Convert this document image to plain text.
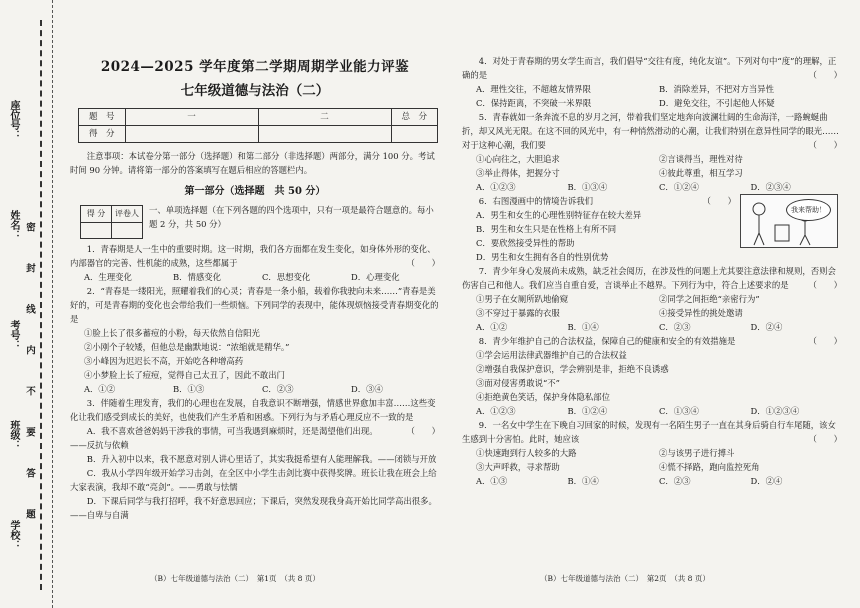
学校：
班级：
考号：
姓名：
座位号：
密　封　线　内　不　要　答　题
2024—2025 学年度第二学期周期学业能力评鉴
七年级道德与法治（二）
题　号	一	二	总　分
得　分			

注意事项：本试卷分第一部分（选择题）和第二部分（非选择题）两部分，满分 100 分。考试时间 90 分钟。请将第一部分的答案填写在题后相应的答题栏内。

第一部分（选择题　共 50 分）
得 分	评卷人
		一、单项选择题（在下列各题的四个选项中，只有一项是最符合题意的。每小题 2 分，共 50 分）

1．青春期是人一生中的重要时期。这一时期，我们各方面都在发生变化，如身体外形的变化、内部器官的完善、性机能的成熟，这些都属于	（　　）

A．生理变化	B．情感变化	C．思想变化	D．心理变化

2．“青春是一缕阳光，照耀着我们的心灵；青春是一条小船，载着你我驶向未来……”青春是美好的，可是青春期的变化也会带给我们一些烦恼。下列同学的表现中，能体现烦恼接受青春期变化的是

①脸上长了很多蓄痘的小粉，每天依然自信阳光

②小刚个子较矮，但他总是幽默地说：“浓缩就是精华。”

③小峰因为迟迟长不高，开始吃各种增高药

④小梦脸上长了痘痘，觉得自己太丑了，因此不敢出门

A．①②	B．①③	C．②③	D．③④

3．伴随着生理发育，我们的心理也在发展，自我意识不断增强，情感世界愈加丰富……这些变化让我们感受到成长的美好，也使我们产生矛盾和困惑。下列行为与矛盾心理反应不一致的是
（　　）

A．我不喜欢爸爸妈妈干涉我的事情，可当我遇到麻烦时，还是渴望他们出现。——反抗与依赖

B．升入初中以来，我不愿意对别人讲心里话了，其实我挺希望有人能理解我。——闭锁与开放

C．我从小学四年级开始学习击剑，在全区中小学生击剑比赛中获得奖牌。班长让我在班会上给大家表演，我却不敢“亮剑”。——勇敢与怯懦

D．下课后同学与我打招呼，我不好意思回应；下课后，突然发现我身高开始比同学高出很多。——自卑与自满

4．对处于青春期的男女学生而言，我们倡导“交往有度，纯化友谊”。下列对句中“度”的理解，正确的是	（　　）

A．理性交往，不超越友情界限	B．消除差异，不把对方当异性
C．保持距离，不突破一米界限	D．避免交往，不引起他人怀疑

5．青春就如一条奔流不息的岁月之河，带着我们坚定地奔向波澜壮阔的生命海洋，一路蜿蜒曲折，却又风光无限。在这不回的风光中，有一种悄然滑动的心潮，让我们特别在意异性同学的眼光……对于这种心潮，我们要	（　　）

①心向往之，大胆追求	②言谈得当，理性对待
③举止得体，把握分寸	④彼此尊重，相互学习
A．①②③	B．①③④	C．①②④	D．②③④
我来帮助！

6．右图漫画中的情境告诉我们	（　　）

A．男生和女生的心理性别特征存在较大差异

B．男生和女生只是在性格上有所不同

C．要欣然接受异性的帮助

D．男生和女生拥有各自的性别优势

7．青少年身心发展尚未成熟，缺乏社会阅历，在涉及性的问题上尤其要注意法律和规则，否则会伤害自己和他人。我们应当自重自爱，言谈举止不越界。下列行为中，符合上述要求的是	（　　）

①男子在女厕所趴地偷窥	②同学之间拒绝“亲密行为”
③不穿过于暴露的衣服	④接受异性的挑处邀请
A．①②	B．①④	C．②③	D．②④

8．青少年维护自己的合法权益，保障自己的健康和安全的有效措施是	（　　）

①学会运用法律武器维护自己的合法权益

②增强自我保护意识，学会辨别是非，拒绝不良诱惑

③面对侵害勇敢说“不”

④拒绝黄色笑话，保护身体隐私部位

A．①②③	B．①②④	C．①③④	D．①②③④

9．一名女中学生在下晚自习回家的时候，发现有一名陌生男子一直在其身后骑自行车尾随，该女生感到十分害怕。此时，她应该	（　　）

①快速跑到行人较多的大路	②与该男子进行搏斗
③大声呼救，寻求帮助	④慌不择路，跑向监控死角
A．①③	B．①④	C．②③	D．②④
（B）七年级道德与法治（二）　第1页　（共 8 页）	（B）七年级道德与法治（二）　第2页　（共 8 页）
